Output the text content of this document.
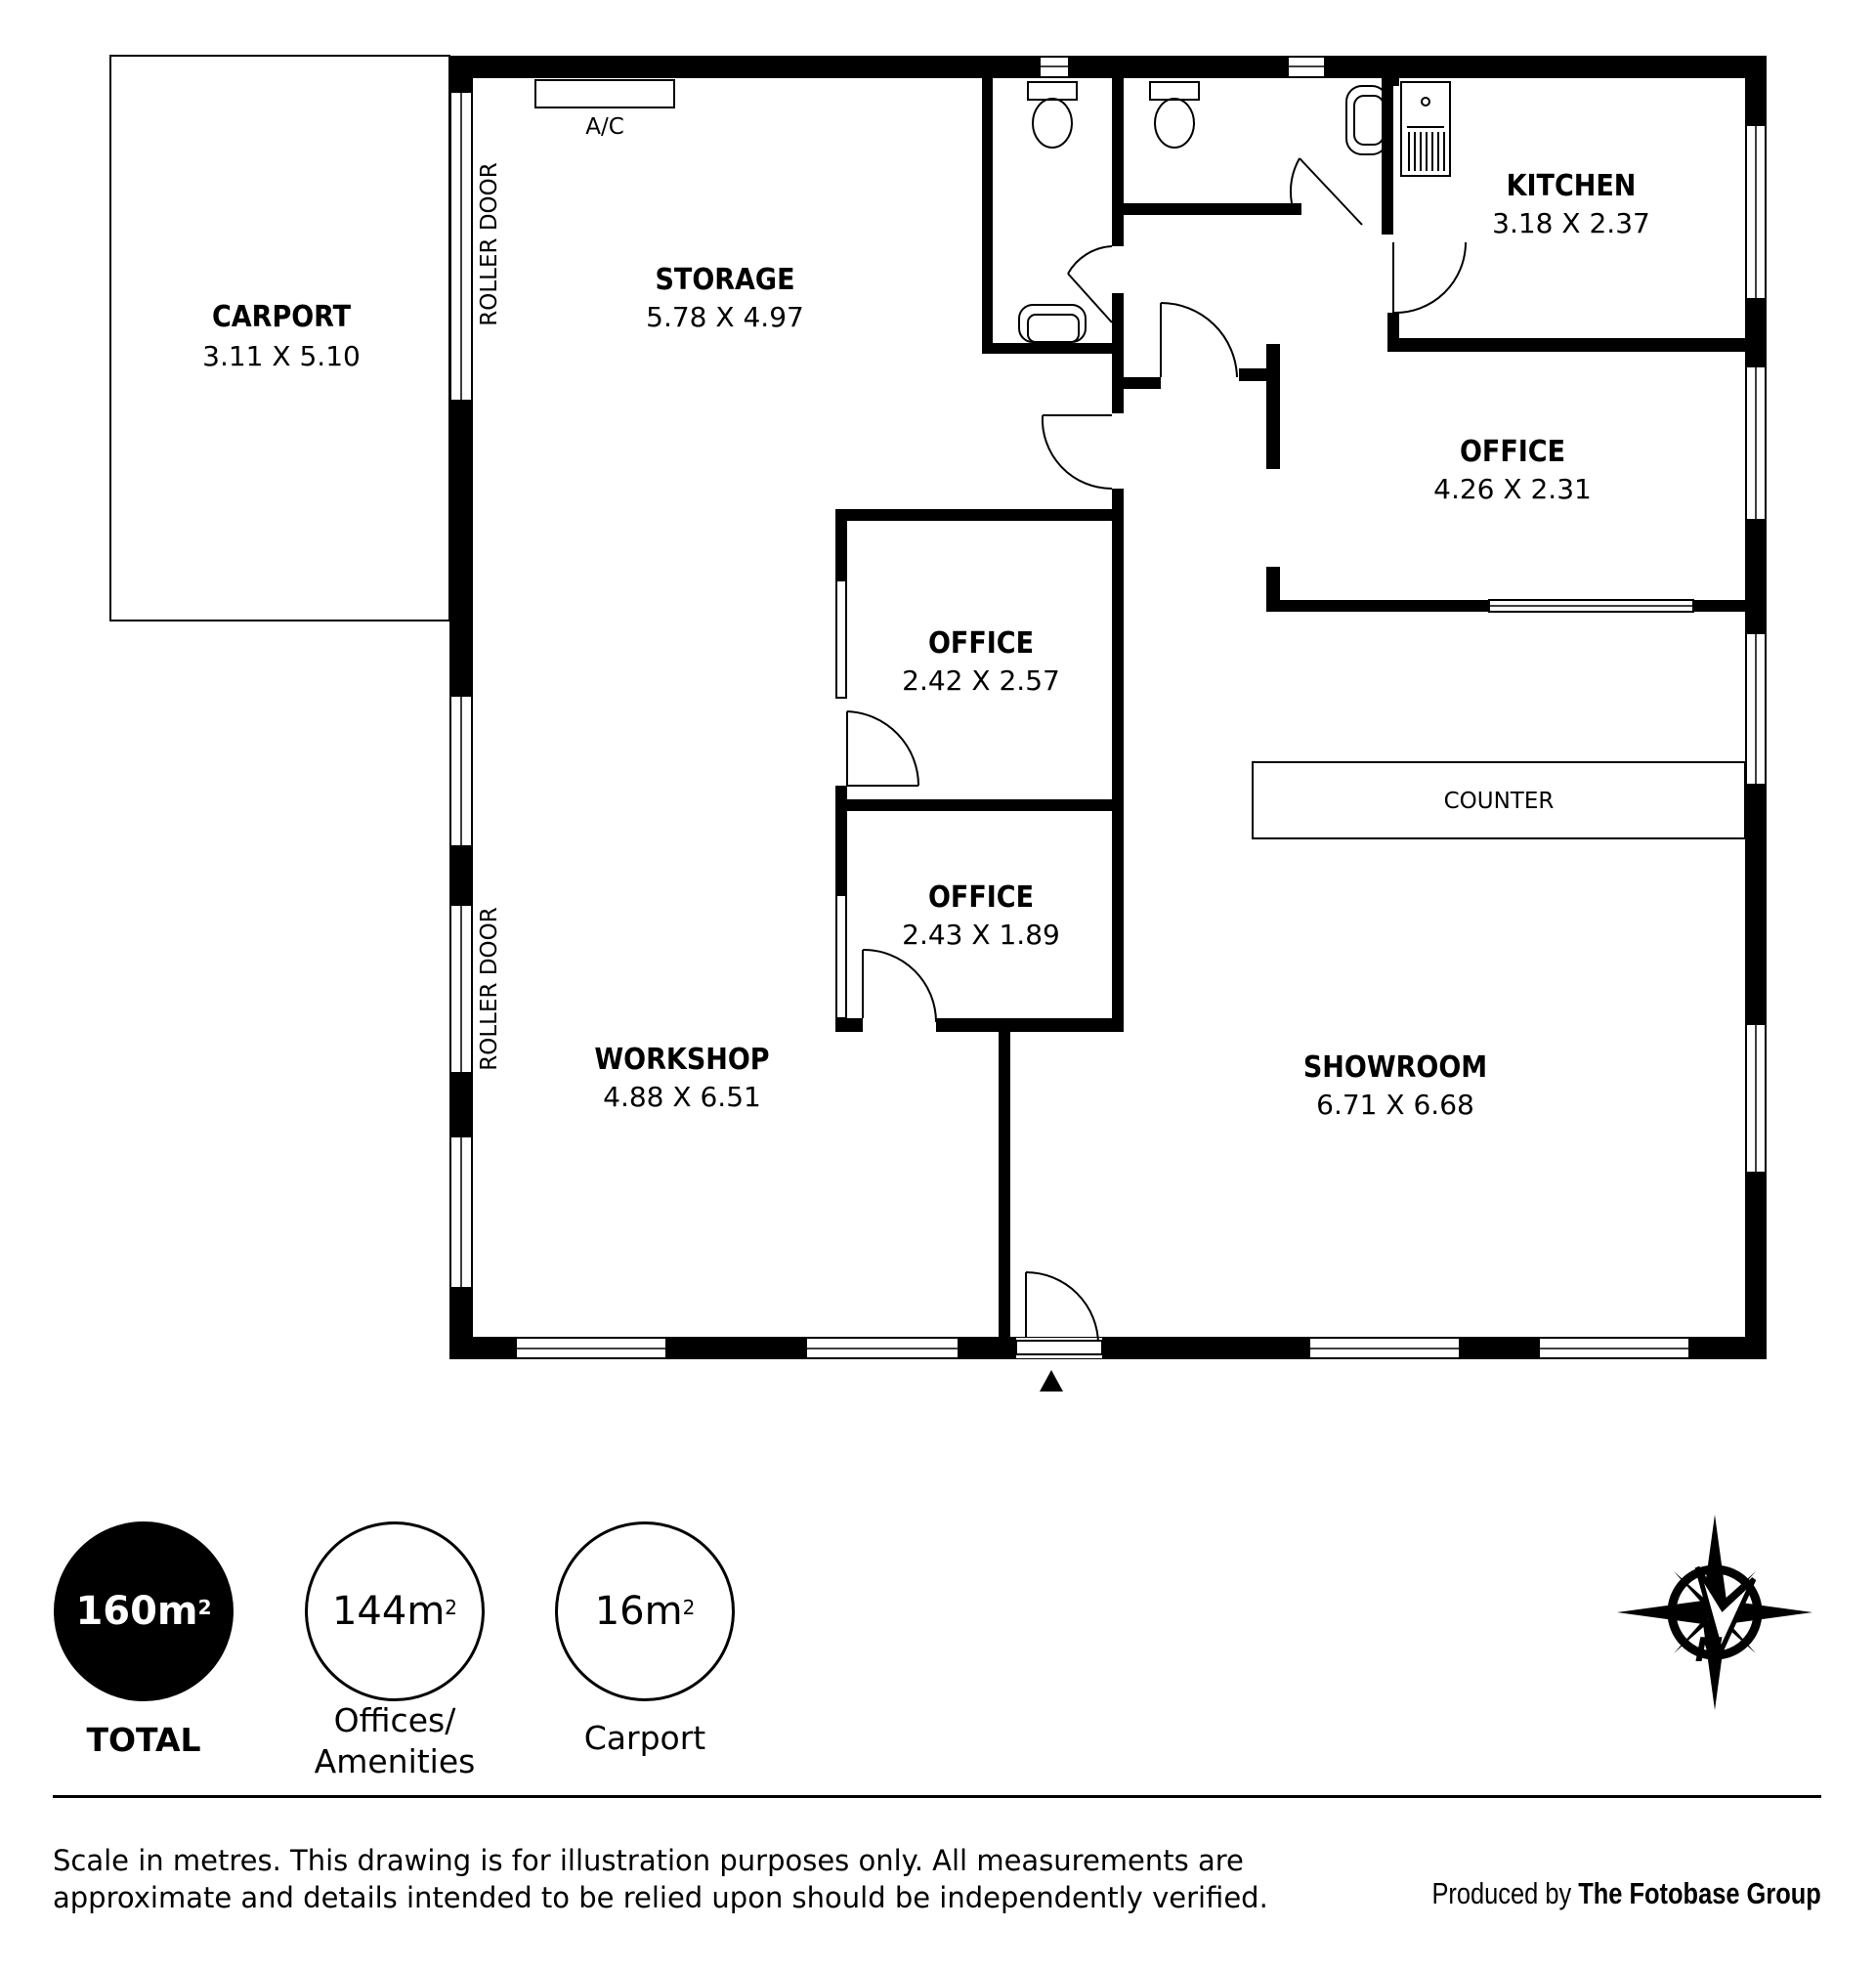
A/C
COUNTER
ROLLER DOOR
ROLLER DOOR
CARPORT
3.11 X 5.10
STORAGE
5.78 X 4.97
KITCHEN
3.18 X 2.37
OFFICE
4.26 X 2.31
OFFICE
2.42 X 2.57
OFFICE
2.43 X 1.89
WORKSHOP
4.88 X 6.51
SHOWROOM
6.71 X 6.68
N
$160m^2$
TOTAL
$144m^2$
Offices/
Amenities
$16m^2$
Carport
Scale in metres. This drawing is for illustration purposes only. All measurements are
approximate and details intended to be relied upon should be independently verified.	Produced by The Fotobase Group
